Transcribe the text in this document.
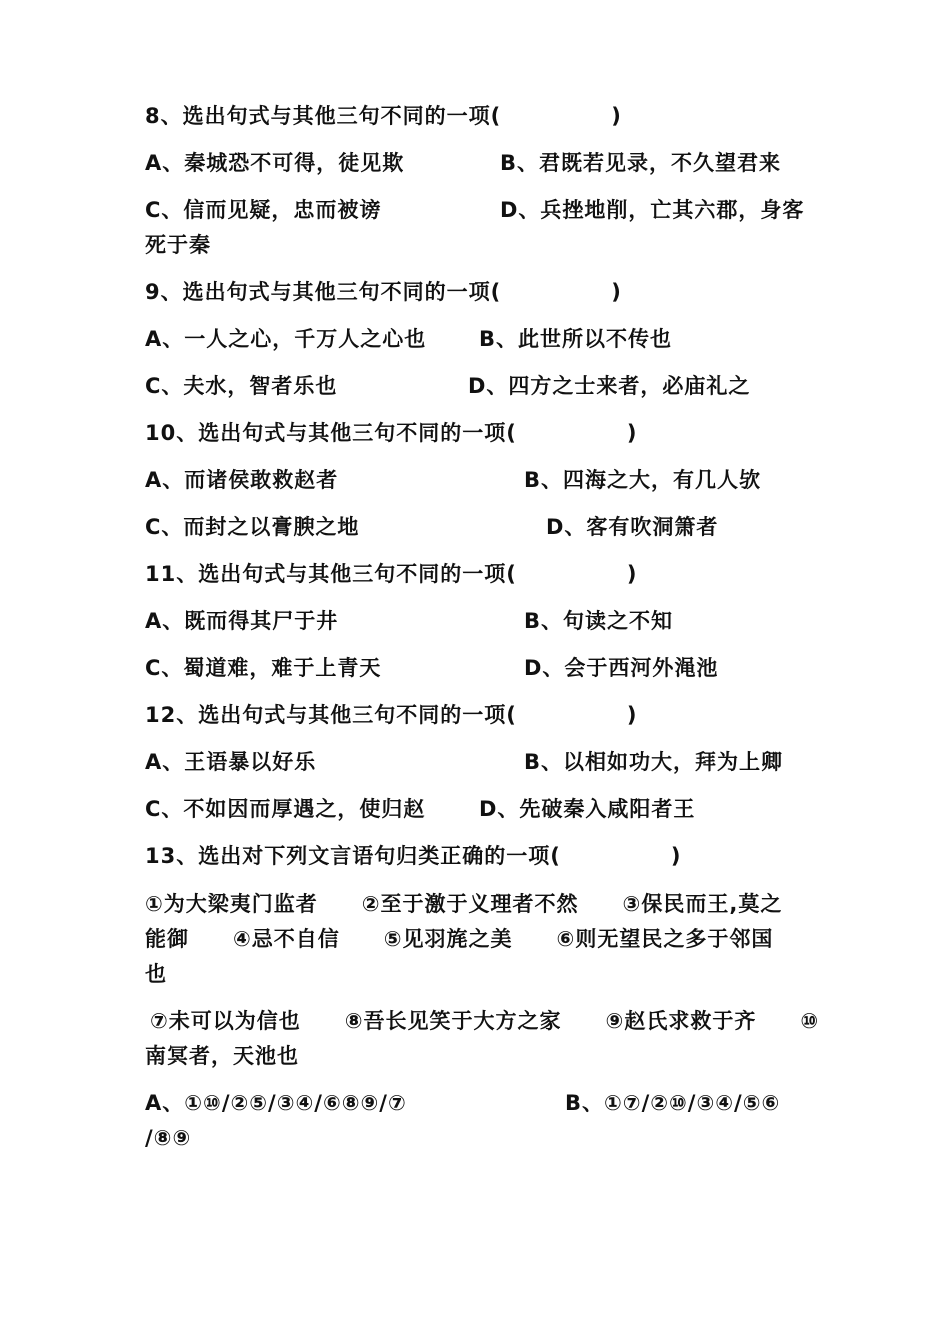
8、选出句式与其他三句不同的一项(　　　　　)
A、秦城恐不可得，徒见欺	B、君既若见录，不久望君来
C、信而见疑，忠而被谤	D、兵挫地削，亡其六郡，身客
死于秦
9、选出句式与其他三句不同的一项(　　　　　)
A、一人之心，千万人之心也	B、此世所以不传也
C、夫水，智者乐也	D、四方之士来者，必庙礼之
10、选出句式与其他三句不同的一项(　　　　　)
A、而诸侯敢救赵者	B、四海之大，有几人欤
C、而封之以膏腴之地	D、客有吹洞箫者
11、选出句式与其他三句不同的一项(　　　　　)
A、既而得其尸于井	B、句读之不知
C、蜀道难，难于上青天	D、会于西河外渑池
12、选出句式与其他三句不同的一项(　　　　　)
A、王语暴以好乐	B、以相如功大，拜为上卿
C、不如因而厚遇之，使归赵	D、先破秦入咸阳者王
13、选出对下列文言语句归类正确的一项(　　　　　)
①为大梁夷门监者　　②至于激于义理者不然　　③保民而王,莫之
能御　　④忌不自信　　⑤见羽旄之美　　⑥则无望民之多于邻国
也
⑦未可以为信也　　⑧吾长见笑于大方之家　　⑨赵氏求救于齐　　⑩
南冥者，天池也
A、①⑩/②⑤/③④/⑥⑧⑨/⑦	B、①⑦/②⑩/③④/⑤⑥
/⑧⑨
